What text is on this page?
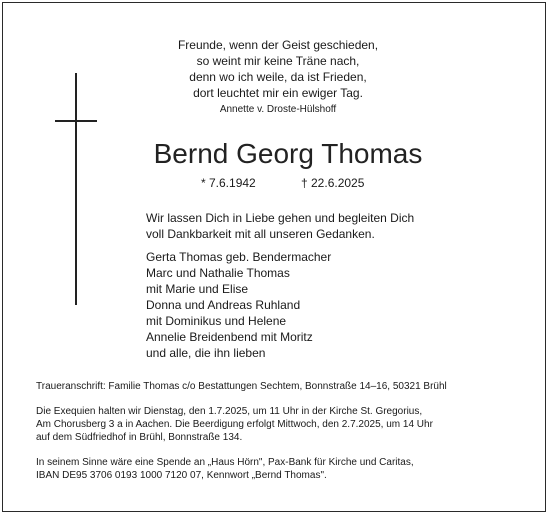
Freunde, wenn der Geist geschieden,
so weint mir keine Träne nach,
denn wo ich weile, da ist Frieden,
dort leuchtet mir ein ewiger Tag.
Annette v. Droste-Hülshoff
Bernd Georg Thomas
* 7.6.1942	† 22.6.2025
Wir lassen Dich in Liebe gehen und begleiten Dich
voll Dankbarkeit mit all unseren Gedanken.
Gerta Thomas geb. Bendermacher
Marc und Nathalie Thomas
mit Marie und Elise
Donna und Andreas Ruhland
mit Dominikus und Helene
Annelie Breidenbend mit Moritz
und alle, die ihn lieben
Traueranschrift: Familie Thomas c/o Bestattungen Sechtem, Bonnstraße 14–16, 50321 Brühl
Die Exequien halten wir Dienstag, den 1.7.2025, um 11 Uhr in der Kirche St. Gregorius,
Am Chorusberg 3 a in Aachen. Die Beerdigung erfolgt Mittwoch, den 2.7.2025, um 14 Uhr
auf dem Südfriedhof in Brühl, Bonnstraße 134.
In seinem Sinne wäre eine Spende an „Haus Hörn", Pax-Bank für Kirche und Caritas,
IBAN DE95 3706 0193 1000 7120 07, Kennwort „Bernd Thomas".
